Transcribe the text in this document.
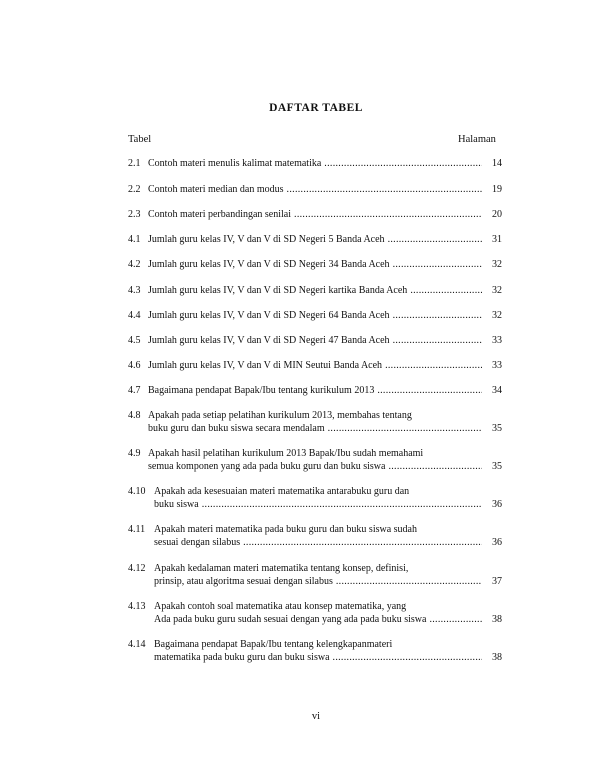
DAFTAR TABEL
Tabel	Halaman
2.1 Contoh materi menulis kalimat matematika .....	14
2.2 Contoh materi median dan modus .....	19
2.3 Contoh materi perbandingan senilai .....	20
4.1 Jumlah guru kelas IV, V dan V di SD Negeri 5 Banda Aceh .....	31
4.2 Jumlah guru kelas IV, V dan V di SD Negeri 34 Banda Aceh .....	32
4.3 Jumlah guru kelas IV, V dan V di SD Negeri kartika Banda Aceh .....	32
4.4 Jumlah guru kelas IV, V dan V di SD Negeri 64 Banda Aceh .....	32
4.5 Jumlah guru kelas IV, V dan V di SD Negeri 47 Banda Aceh .....	33
4.6 Jumlah guru kelas IV, V dan V di MIN Seutui Banda Aceh .....	33
4.7 Bagaimana pendapat Bapak/Ibu tentang kurikulum 2013 .....	34
4.8 Apakah pada setiap pelatihan kurikulum 2013, membahas tentang
buku guru dan buku siswa secara mendalam .....	35
4.9 Apakah hasil pelatihan kurikulum 2013 Bapak/Ibu sudah memahami
semua komponen yang ada pada buku guru dan buku siswa .....	35
4.10 Apakah ada kesesuaian materi matematika antarabuku guru dan
buku siswa .....	36
4.11 Apakah materi matematika pada buku guru dan buku siswa sudah
sesuai dengan silabus .....	36
4.12 Apakah kedalaman materi matematika tentang konsep, definisi,
prinsip, atau algoritma sesuai dengan silabus .....	37
4.13 Apakah contoh soal matematika atau konsep matematika, yang
Ada pada buku guru sudah sesuai dengan yang ada pada buku siswa .....	38
4.14 Bagaimana pendapat Bapak/Ibu tentang kelengkapanmateri
matematika pada buku guru dan buku siswa .....	38
vi
